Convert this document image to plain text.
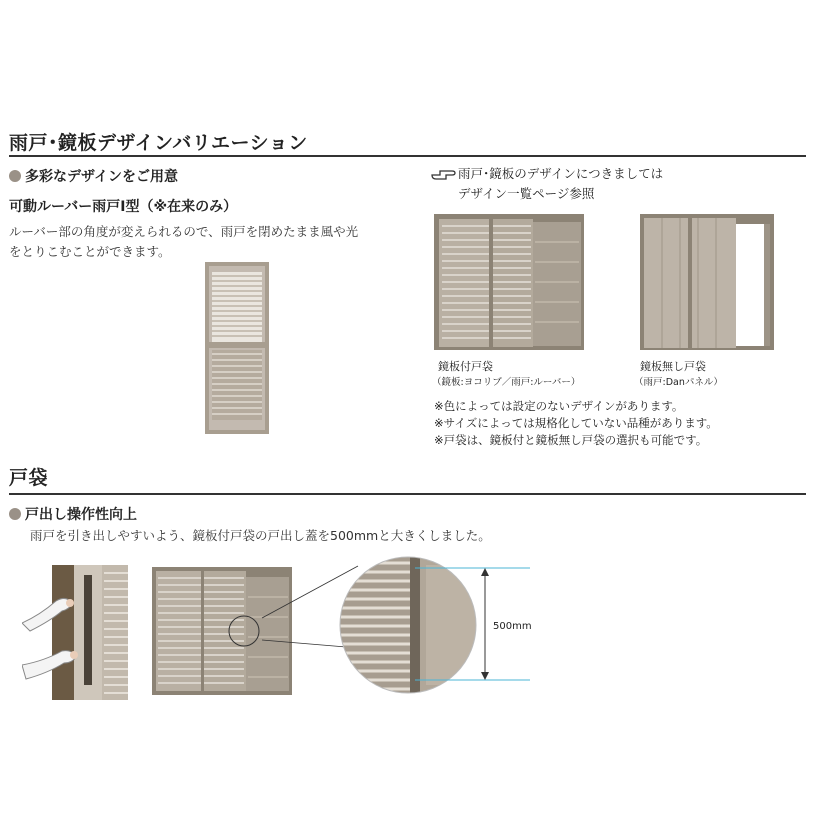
雨戸･鏡板デザインバリエーション
多彩なデザインをご用意
可動ルーバー雨戸I型（※在来のみ）
ルーバー部の角度が変えられるので、雨戸を閉めたまま風や光
をとりこむことができます。
雨戸･鏡板のデザインにつきましては
デザイン一覧ページ参照
鏡板付戸袋
（鏡板:ヨコリブ／雨戸:ルーバー）
鏡板無し戸袋
（雨戸:Danパネル）
※色によっては設定のないデザインがあります。
※サイズによっては規格化していない品種があります。
※戸袋は、鏡板付と鏡板無し戸袋の選択も可能です。
戸袋
戸出し操作性向上
雨戸を引き出しやすいよう、鏡板付戸袋の戸出し蓋を500mmと大きくしました。
500mm
